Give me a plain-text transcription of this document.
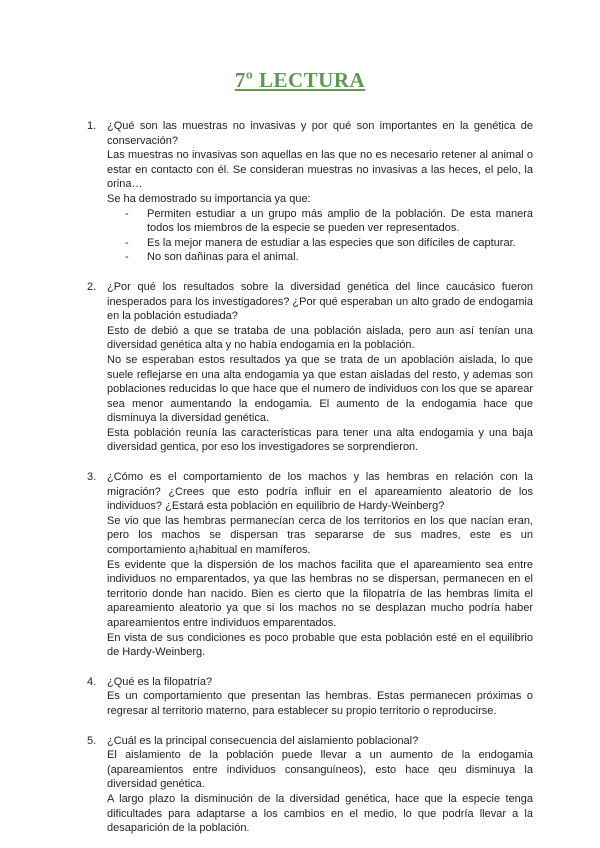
7º LECTURA
1. ¿Qué son las muestras no invasivas y por qué son importantes en la genética de conservación?
Las muestras no invasivas son aquellas en las que no es necesario retener al animal o estar en contacto con él. Se consideran muestras no invasivas a las heces, el pelo, la orina…
Se ha demostrado su importancia ya que:
-	Permiten estudiar a un grupo más amplio de la población. De esta manera todos los miembros de la especie se pueden ver representados.
-	Es la mejor manera de estudiar a las especies que son difíciles de capturar.
-	No son dañinas para el animal.
2. ¿Por qué los resultados sobre la diversidad genética del lince caucásico fueron inesperados para los investigadores? ¿Por qué esperaban un alto grado de endogamia en la población estudiada?
Esto de debió a que se trataba de una población aislada, pero aun así tenían una diversidad genética alta y no había endogamia en la población.
No se esperaban estos resultados ya que se trata de un apoblación aislada, lo que suele reflejarse en una alta endogamia ya que estan aisladas del resto, y ademas son poblaciones reducidas lo que hace que el numero de individuos con los que se aparear sea menor aumentando la endogamia. El aumento de la endogamia hace que disminuya la diversidad genética.
Esta población reunía las caracteristicas para tener una alta endogamia y una baja diversidad gentica, por eso los investigadores se sorprendieron.
3. ¿Cómo es el comportamiento de los machos y las hembras en relación con la migración? ¿Crees que esto podría influir en el apareamiento aleatorio de los individuos? ¿Estará esta población en equilibrio de Hardy-Weinberg?
Se vio que las hembras permanecían cerca de los territorios en los que nacían eran, pero los machos se dispersan tras separarse de sus madres, este es un comportamiento a¡habitual en mamíferos.
Es evidente que la dispersión de los machos facilita que el apareamiento sea entre individuos no emparentados, ya que las hembras no se dispersan, permanecen en el territorio donde han nacido. Bien es cierto que la filopatría de las hembras limita el apareamiento aleatorio ya que si los machos no se desplazan mucho podría haber apareamientos entre individuos emparentados.
En vista de sus condiciones es poco probable que esta población esté en el equilibrio de Hardy-Weinberg.
4. ¿Qué es la filopatría?
Es un comportamiento que presentan las hembras. Estas permanecen próximas o regresar al territorio materno, para establecer su propio territorio o reproducirse.
5. ¿Cuál es la principal consecuencia del aislamiento poblacional?
El aislamiento de la población puede llevar a un aumento de la endogamia (apareamientos entre individuos consanguíneos), esto hace qeu disminuya la diversidad genética.
A largo plazo la disminución de la diversidad genética, hace que la especie tenga dificultades para adaptarse a los cambios en el medio, lo que podría llevar a la desaparición de la población.
